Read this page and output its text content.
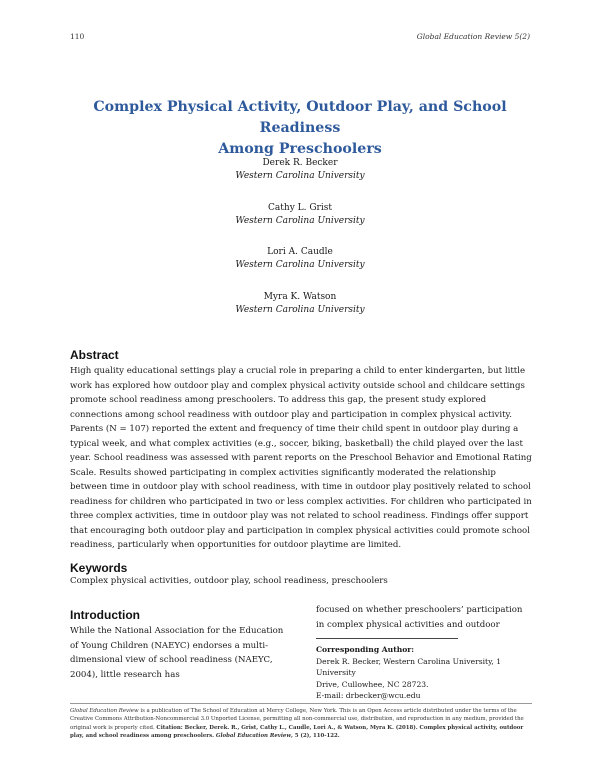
110	Global Education Review 5(2)
Complex Physical Activity, Outdoor Play, and School Readiness
Among Preschoolers
Derek R. Becker
Western Carolina University
Cathy L. Grist
Western Carolina University
Lori A. Caudle
Western Carolina University
Myra K. Watson
Western Carolina University
Abstract
High quality educational settings play a crucial role in preparing a child to enter kindergarten, but little work has explored how outdoor play and complex physical activity outside school and childcare settings promote school readiness among preschoolers. To address this gap, the present study explored connections among school readiness with outdoor play and participation in complex physical activity. Parents (N = 107) reported the extent and frequency of time their child spent in outdoor play during a typical week, and what complex activities (e.g., soccer, biking, basketball) the child played over the last year. School readiness was assessed with parent reports on the Preschool Behavior and Emotional Rating Scale. Results showed participating in complex activities significantly moderated the relationship between time in outdoor play with school readiness, with time in outdoor play positively related to school readiness for children who participated in two or less complex activities. For children who participated in three complex activities, time in outdoor play was not related to school readiness. Findings offer support that encouraging both outdoor play and participation in complex physical activities could promote school readiness, particularly when opportunities for outdoor playtime are limited.
Keywords
Complex physical activities, outdoor play, school readiness, preschoolers
Introduction
While the National Association for the Education of Young Children (NAEYC) endorses a multi-dimensional view of school readiness (NAEYC, 2004), little research has
focused on whether preschoolers’ participation in complex physical activities and outdoor
Corresponding Author:
Derek R. Becker, Western Carolina University, 1 University
Drive, Cullowhee, NC 28723.
E-mail: drbecker@wcu.edu
Global Education Review is a publication of The School of Education at Mercy College, New York. This is an Open Access article distributed under the terms of the Creative Commons Attribution-Noncommercial 3.0 Unported License, permitting all non-commercial use, distribution, and reproduction in any medium, provided the original work is properly cited. Citation: Becker, Derek. R., Grist, Cathy L., Caudle, Lori A., & Watson, Myra K. (2018). Complex physical activity, outdoor play, and school readiness among preschoolers. Global Education Review, 5 (2), 110-122.
